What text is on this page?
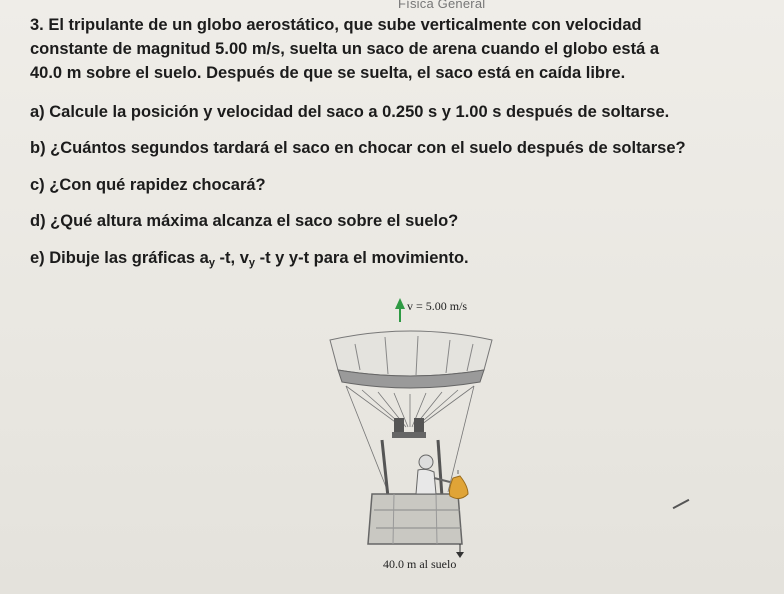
Física General
3. El tripulante de un globo aerostático, que sube verticalmente con velocidad
constante de magnitud 5.00 m/s, suelta un saco de arena cuando el globo está a
40.0 m sobre el suelo. Después de que se suelta, el saco está en caída libre.
a) Calcule la posición y velocidad del saco a 0.250 s y 1.00 s después de soltarse.
b) ¿Cuántos segundos tardará el saco en chocar con el suelo después de soltarse?
c) ¿Con qué rapidez chocará?
d) ¿Qué altura máxima alcanza el saco sobre el suelo?
e) Dibuje las gráficas ay -t, vy -t y y-t para el movimiento.
v = 5.00 m/s
40.0 m al suelo
